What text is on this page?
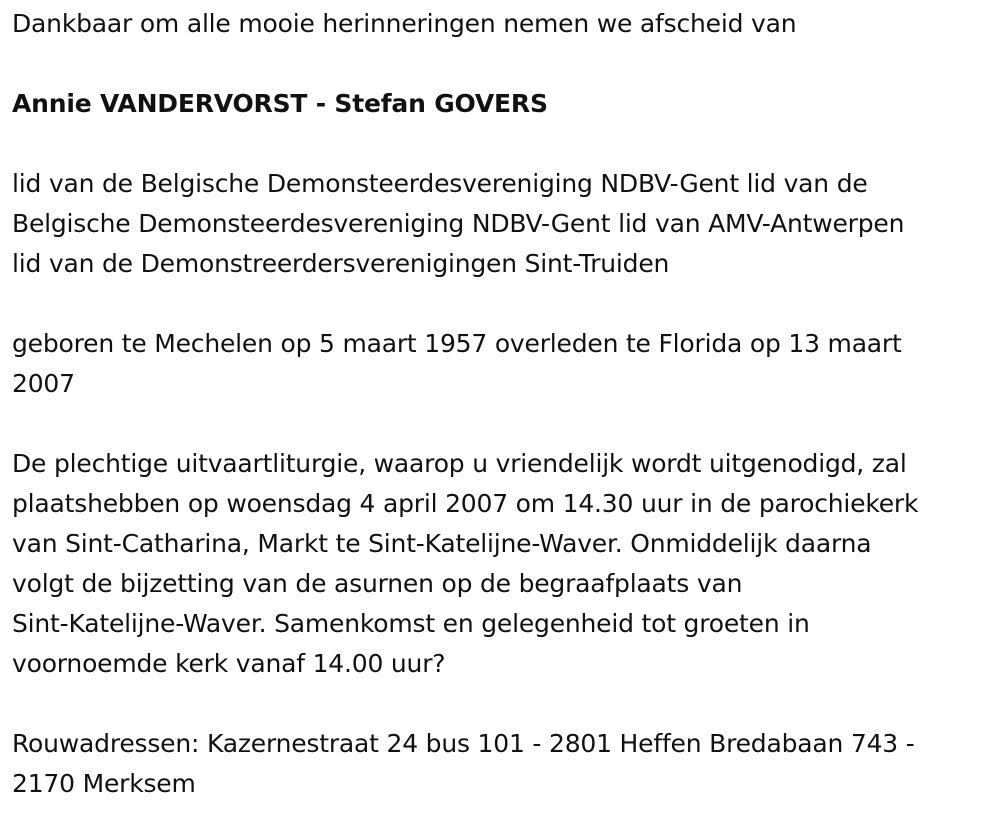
Dankbaar om alle mooie herinneringen nemen we afscheid van

Annie VANDERVORST - Stefan GOVERS

lid van de Belgische Demonsteerdesvereniging NDBV-Gent lid van de
Belgische Demonsteerdesvereniging NDBV-Gent lid van AMV-Antwerpen
lid van de Demonstreerdersverenigingen Sint-Truiden

geboren te Mechelen op 5 maart 1957 overleden te Florida op 13 maart
2007

De plechtige uitvaartliturgie, waarop u vriendelijk wordt uitgenodigd, zal
plaatshebben op woensdag 4 april 2007 om 14.30 uur in de parochiekerk
van Sint-Catharina, Markt te Sint-Katelijne-Waver. Onmiddelijk daarna
volgt de bijzetting van de asurnen op de begraafplaats van
Sint-Katelijne-Waver. Samenkomst en gelegenheid tot groeten in
voornoemde kerk vanaf 14.00 uur?

Rouwadressen: Kazernestraat 24 bus 101 - 2801 Heffen Bredabaan 743 -
2170 Merksem
